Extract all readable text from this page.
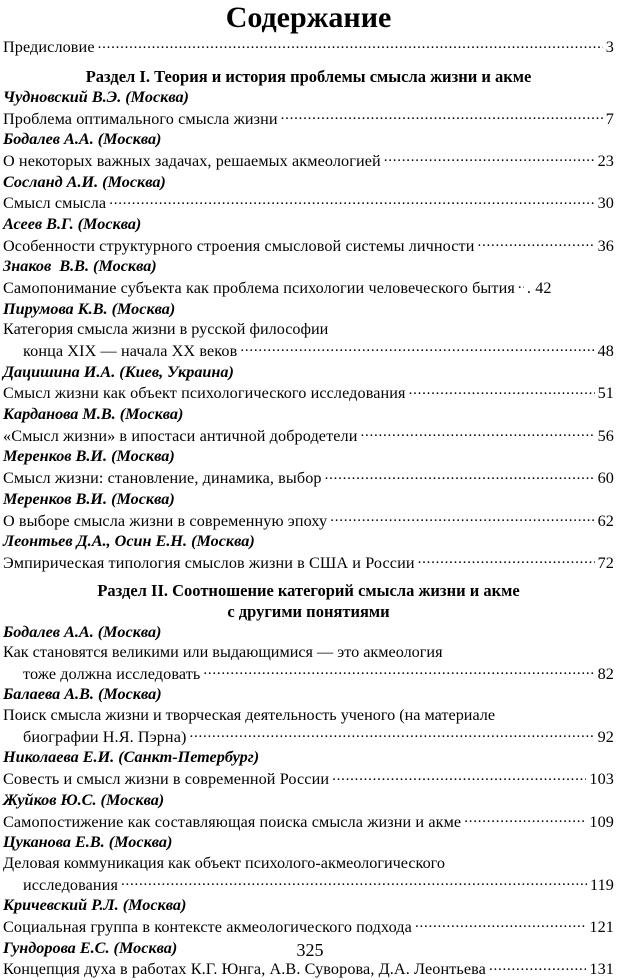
Содержание
Предисловие . . .	3
Раздел I. Теория и история проблемы смысла жизни и акме
Чудновский В.Э. (Москва)
Проблема оптимального смысла жизни . . .	7
Бодалев А.А. (Москва)
О некоторых важных задачах, решаемых акмеологией . . .	23
Сосланд А.И. (Москва)
Смысл смысла . . .	30
Асеев В.Г. (Москва)
Особенности структурного строения смысловой системы личности . . .	36
Знаков  В.В. (Москва)
Самопонимание субъекта как проблема психологии человеческого бытия . . . . 42
Пирумова К.В. (Москва)
Категория смысла жизни в русской философии
конца XIX — начала XX веков . . .	48
Дацишина И.А. (Киев, Украина)
Смысл жизни как объект психологического исследования . . .	51
Карданова М.В. (Москва)
«Смысл жизни» в ипостаси античной добродетели . . .	56
Меренков В.И. (Москва)
Смысл жизни: становление, динамика, выбор . . .	60
Меренков В.И. (Москва)
О выборе смысла жизни в современную эпоху . . .	62
Леонтьев Д.А., Осин Е.Н. (Москва)
Эмпирическая типология смыслов жизни в США и России . . .	72
Раздел II. Соотношение категорий смысла жизни и акме
с другими понятиями
Бодалев А.А. (Москва)
Как становятся великими или выдающимися — это акмеология
тоже должна исследовать . . .	82
Балаева А.В. (Москва)
Поиск смысла жизни и творческая деятельность ученого (на материале
биографии Н.Я. Пэрна) . . .	92
Николаева Е.И. (Санкт-Петербург)
Совесть и смысл жизни в современной России . . .	103
Жуйков Ю.С. (Москва)
Самопостижение как составляющая поиска смысла жизни и акме . . .	109
Цуканова Е.В. (Москва)
Деловая коммуникация как объект психолого-акмеологического
исследования . . .	119
Кричевский Р.Л. (Москва)
Социальная группа в контексте акмеологического подхода . . .	121
Гундорова Е.С. (Москва)
Концепция духа в работах К.Г. Юнга, А.В. Суворова, Д.А. Леонтьева . . .	131
325
